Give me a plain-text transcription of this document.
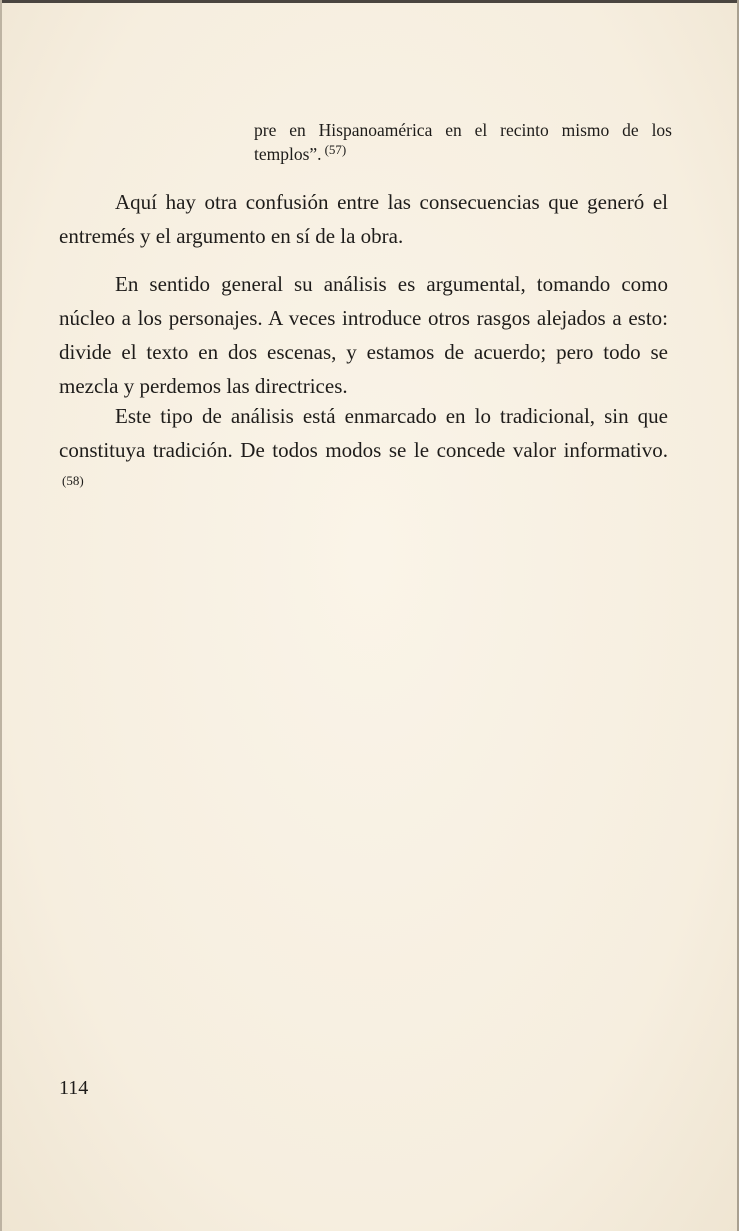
pre en Hispanoamérica en el recinto mismo de los templos”. $^{(57)}$

Aquí hay otra confusión entre las consecuencias que generó el entremés y el argumento en sí de la obra.

En sentido general su análisis es argumental, tomando como núcleo a los personajes. A veces introduce otros rasgos alejados a esto: divide el texto en dos escenas, y estamos de acuerdo; pero todo se mezcla y perdemos las directrices.

Este tipo de análisis está enmarcado en lo tradicional, sin que constituya tradición. De todos modos se le concede valor informativo.$^{(58)}$

114
